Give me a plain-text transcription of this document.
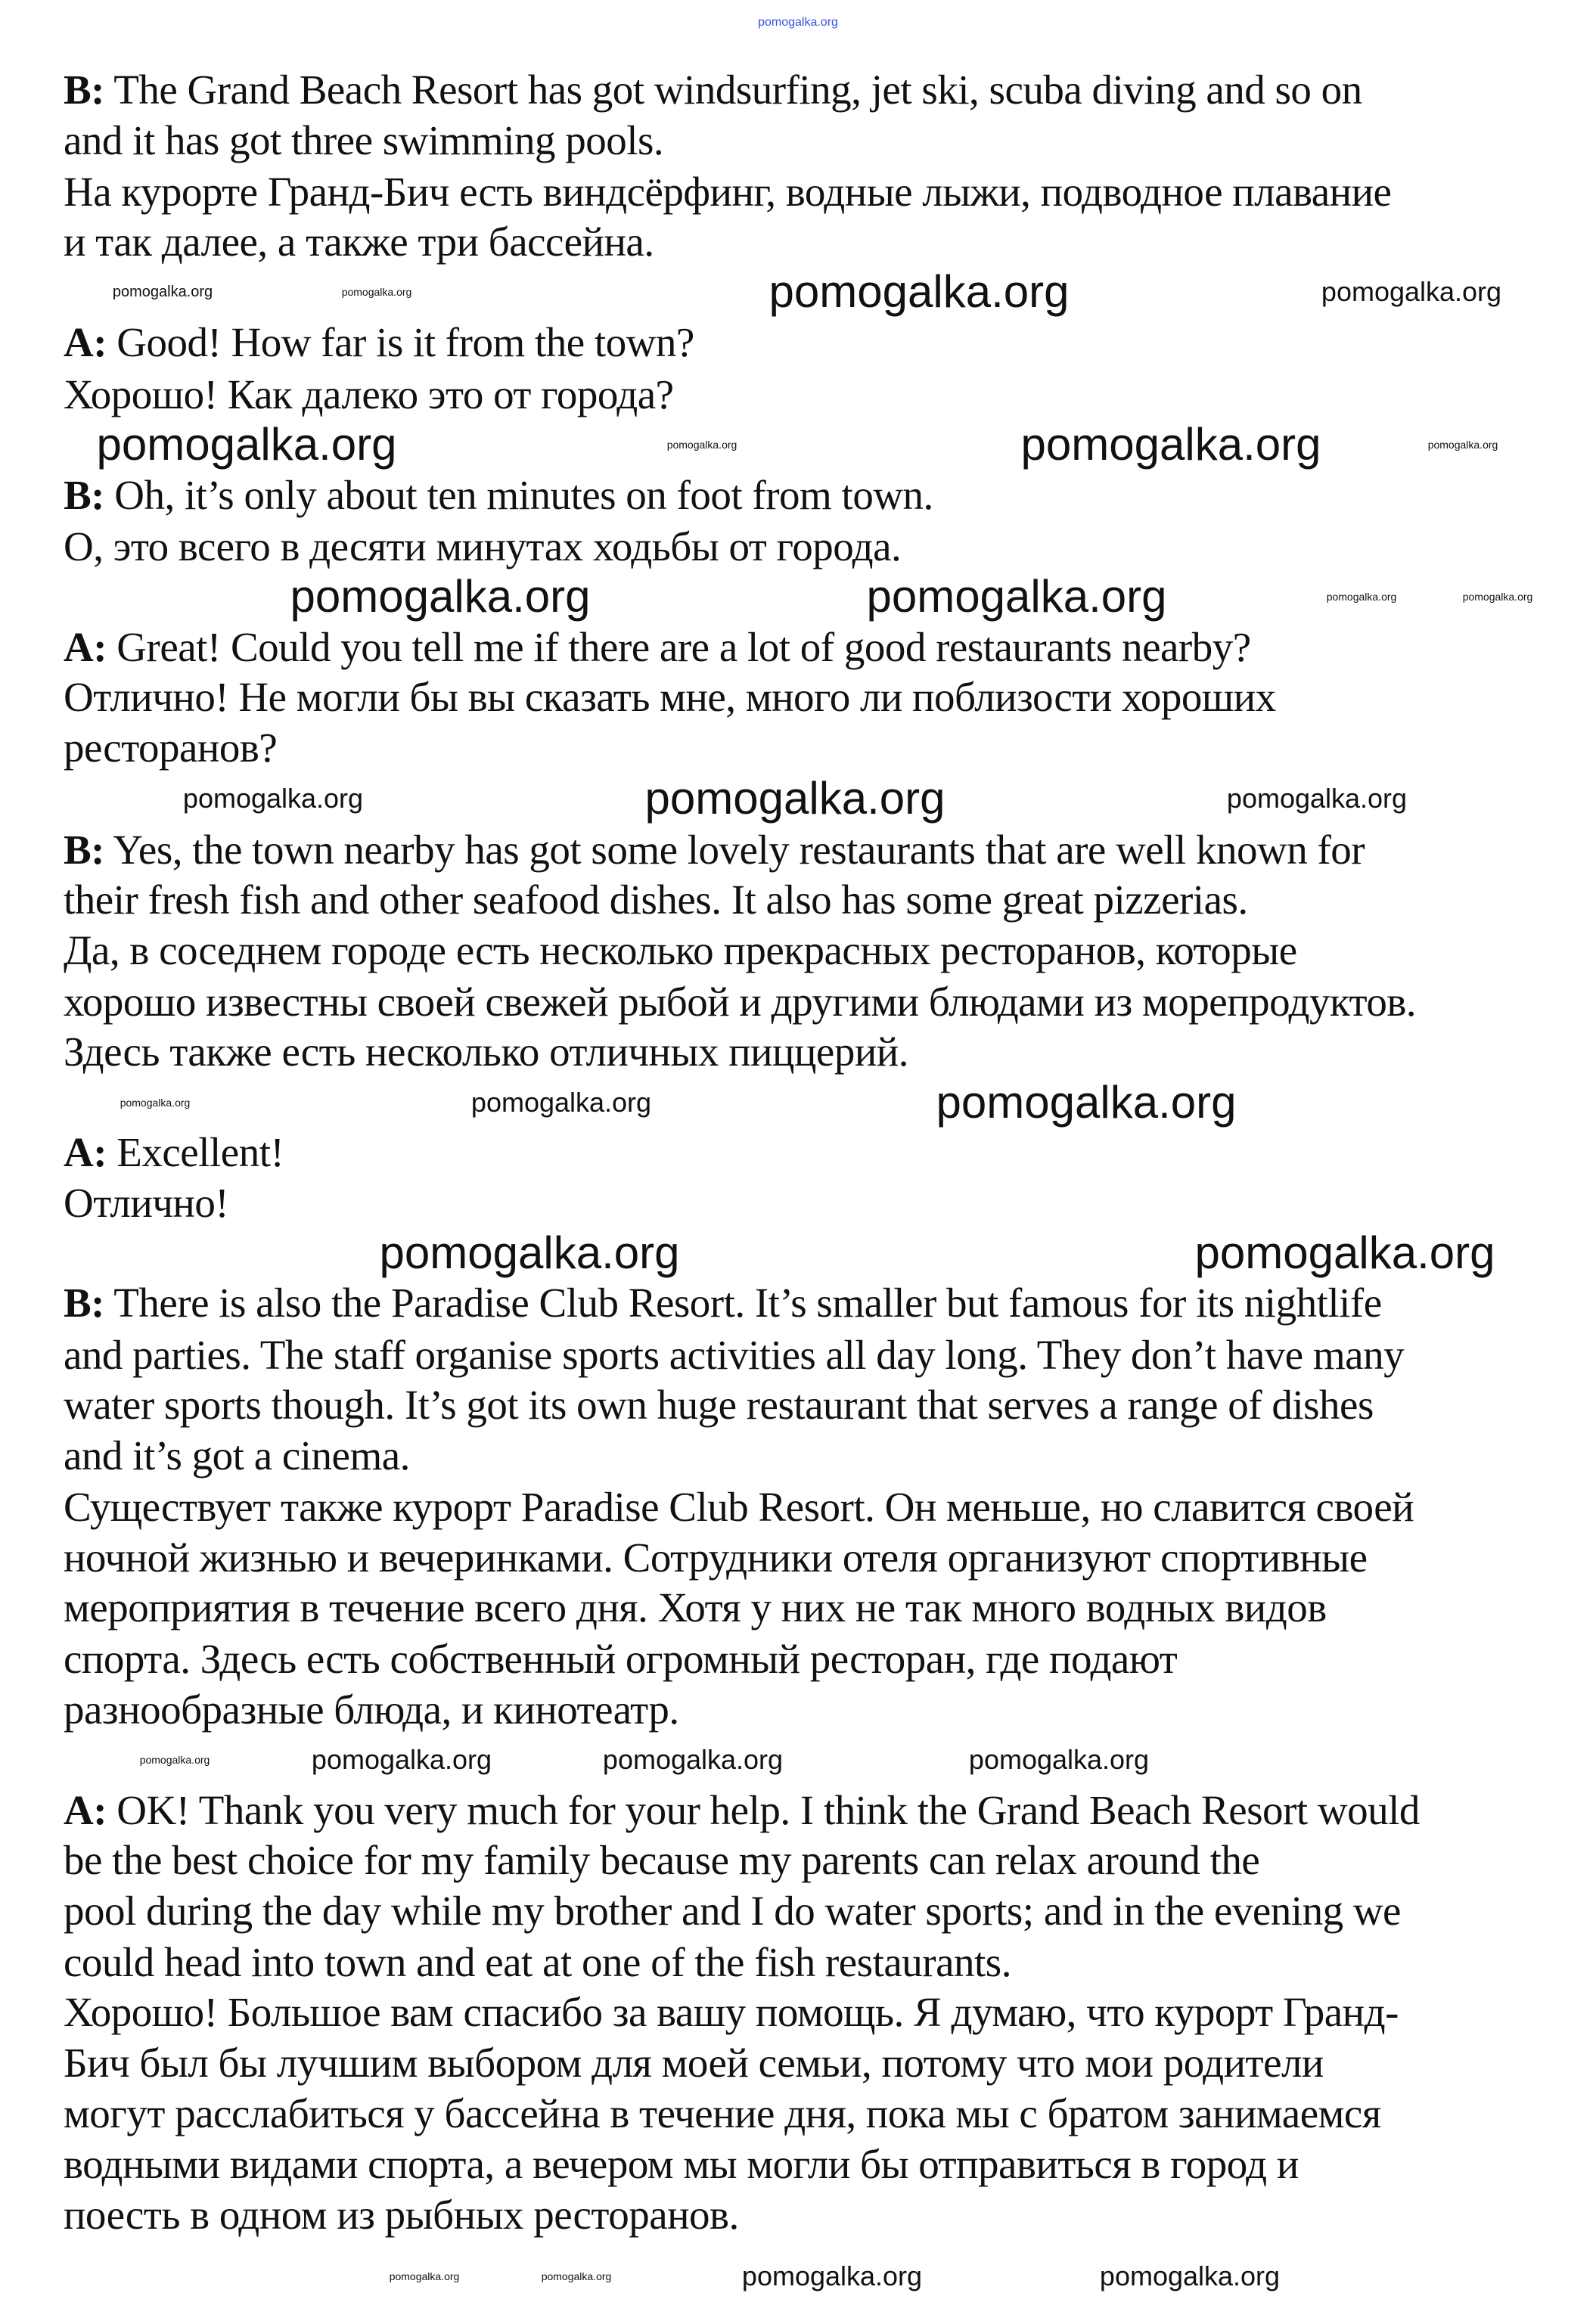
B: The Grand Beach Resort has got windsurfing, jet ski, scuba diving and so on
and it has got three swimming pools.
На курорте Гранд-Бич есть виндсёрфинг, водные лыжи, подводное плавание
и так далее, а также три бассейна.
A: Good! How far is it from the town?
Хорошо! Как далеко это от города?
B: Oh, it’s only about ten minutes on foot from town.
О, это всего в десяти минутах ходьбы от города.
A: Great! Could you tell me if there are a lot of good restaurants nearby?
Отлично! Не могли бы вы сказать мне, много ли поблизости хороших
ресторанов?
B: Yes, the town nearby has got some lovely restaurants that are well known for
their fresh fish and other seafood dishes. It also has some great pizzerias.
Да, в соседнем городе есть несколько прекрасных ресторанов, которые
хорошо известны своей свежей рыбой и другими блюдами из морепродуктов.
Здесь также есть несколько отличных пиццерий.
A: Excellent!
Отлично!
B: There is also the Paradise Club Resort. It’s smaller but famous for its nightlife
and parties. The staff organise sports activities all day long. They don’t have many
water sports though. It’s got its own huge restaurant that serves a range of dishes
and it’s got a cinema.
Существует также курорт Paradise Club Resort. Он меньше, но славится своей
ночной жизнью и вечеринками. Сотрудники отеля организуют спортивные
мероприятия в течение всего дня. Хотя у них не так много водных видов
спорта. Здесь есть собственный огромный ресторан, где подают
разнообразные блюда, и кинотеатр.
A: OK! Thank you very much for your help. I think the Grand Beach Resort would
be the best choice for my family because my parents can relax around the
pool during the day while my brother and I do water sports; and in the evening we
could head into town and eat at one of the fish restaurants.
Хорошо! Большое вам спасибо за вашу помощь. Я думаю, что курорт Гранд-
Бич был бы лучшим выбором для моей семьи, потому что мои родители
могут расслабиться у бассейна в течение дня, пока мы с братом занимаемся
водными видами спорта, а вечером мы могли бы отправиться в город и
поесть в одном из рыбных ресторанов.
pomogalka.org
pomogalka.org	pomogalka.org	pomogalka.org	pomogalka.org
pomogalka.org	pomogalka.org	pomogalka.org	pomogalka.org
pomogalka.org	pomogalka.org	pomogalka.org	pomogalka.org
pomogalka.org	pomogalka.org	pomogalka.org
pomogalka.org	pomogalka.org	pomogalka.org
pomogalka.org	pomogalka.org
pomogalka.org	pomogalka.org	pomogalka.org	pomogalka.org
pomogalka.org	pomogalka.org	pomogalka.org	pomogalka.org
